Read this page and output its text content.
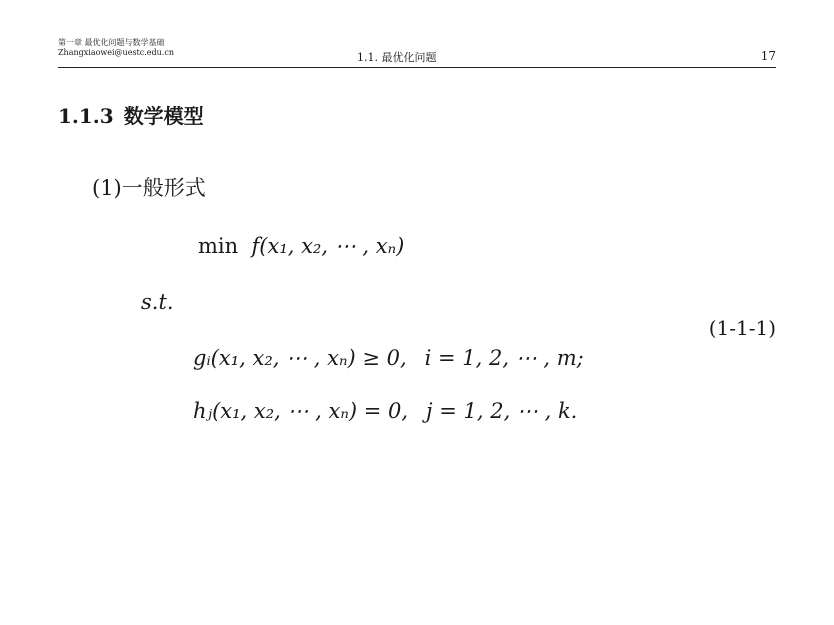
第一章 最优化问题与数学基础
Zhangxiaowei@uestc.edu.cn	1.1. 最优化问题	17
1.1.3 数学模型
(1)一般形式
min f(x₁, x₂, ⋯ , xₙ)
s.t.
gᵢ(x₁, x₂, ⋯ , xₙ) ≥ 0, i = 1, 2, ⋯ , m;
hⱼ(x₁, x₂, ⋯ , xₙ) = 0, j = 1, 2, ⋯ , k.
(1-1-1)
